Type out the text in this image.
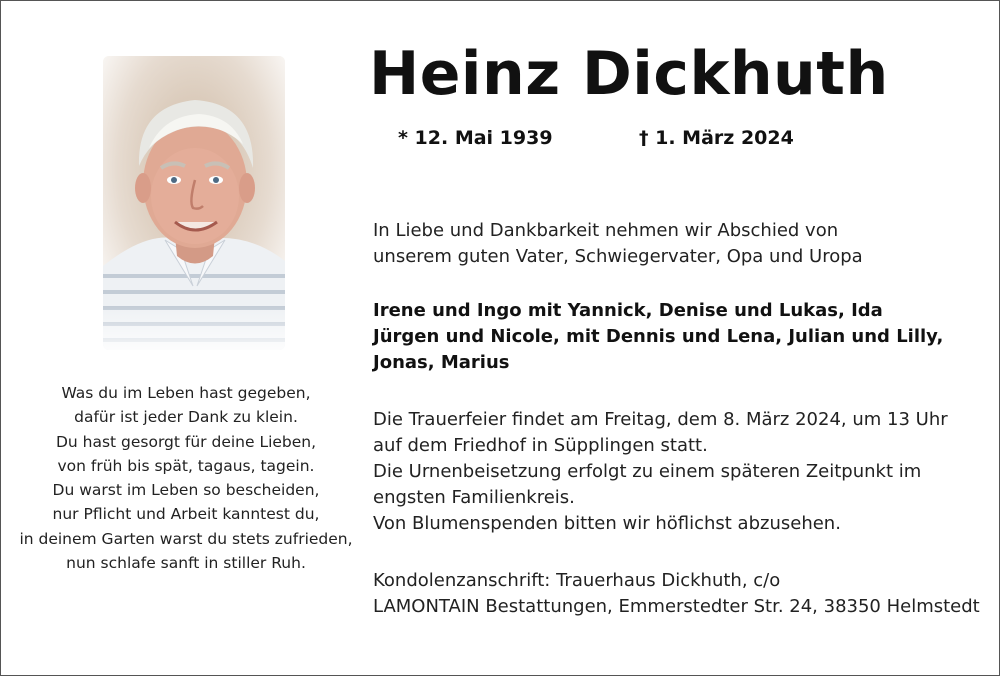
Heinz Dickhuth
* 12. Mai 1939	† 1. März 2024
In Liebe und Dankbarkeit nehmen wir Abschied von
unserem guten Vater, Schwiegervater, Opa und Uropa
Irene und Ingo mit Yannick, Denise und Lukas, Ida
Jürgen und Nicole, mit Dennis und Lena, Julian und Lilly,
Jonas, Marius
Die Trauerfeier findet am Freitag, dem 8. März 2024, um 13 Uhr
auf dem Friedhof in Süpplingen statt.
Die Urnenbeisetzung erfolgt zu einem späteren Zeitpunkt im
engsten Familienkreis.
Von Blumenspenden bitten wir höflichst abzusehen.
Kondolenzanschrift: Trauerhaus Dickhuth, c/o
LAMONTAIN Bestattungen, Emmerstedter Str. 24, 38350 Helmstedt
Was du im Leben hast gegeben,
dafür ist jeder Dank zu klein.
Du hast gesorgt für deine Lieben,
von früh bis spät, tagaus, tagein.
Du warst im Leben so bescheiden,
nur Pflicht und Arbeit kanntest du,
in deinem Garten warst du stets zufrieden,
nun schlafe sanft in stiller Ruh.
